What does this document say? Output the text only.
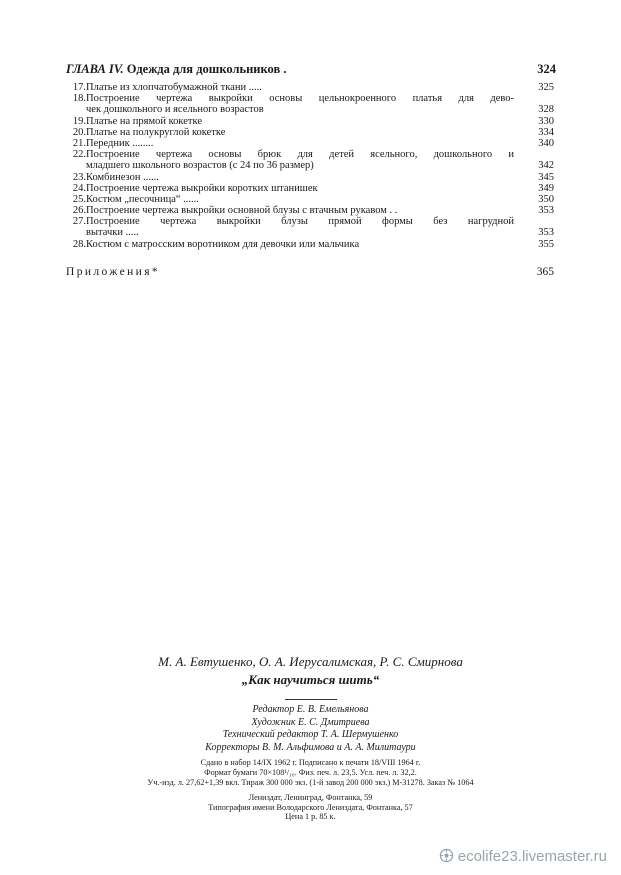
ГЛАВА IV. Одежда для дошкольников .	324
17. Платье из хлопчатобумажной ткани .....	325
18. Построение чертежа выкройки основы цельнокроенного платья для дево-
чек дошкольного и ясельного возрастов	328
19. Платье на прямой кокетке	330
20. Платье на полукруглой кокетке	334
21. Передник ........	340
22. Построение чертежа основы брюк для детей ясельного, дошкольного и
младшего школьного возрастов (с 24 по 36 размер)	342
23. Комбинезон ......	345
24. Построение чертежа выкройки коротких штанишек	349
25. Костюм „песочница“ ......	350
26. Построение чертежа выкройки основной блузы с втачным рукавом . .	353
27. Построение чертежа выкройки блузы прямой формы без нагрудной
вытачки .....	353
28. Костюм с матросским воротником для девочки или мальчика	355
Приложения*	365
М. А. Евтушенко, О. А. Иерусалимская, Р. С. Смирнова
„Как научиться шить“
Редактор Е. В. Емельянова
Художник Е. С. Дмитриева
Технический редактор Т. А. Шермушенко
Корректоры В. М. Альфимова и А. А. Милитаури
Сдано в набор 14/IX 1962 г. Подписано к печати 18/VIII 1964 г.
Формат бумаги 70×108¹/₁₆. Физ. печ. л. 23,5. Усл. печ. л. 32,2.
Уч.-изд. л. 27,62+1,39 вкл. Тираж 300 000 экз. (1-й завод 200 000 экз.) М-31278. Заказ № 1064
Лениздат, Ленинград, Фонтанка, 59
Типография имени Володарского Лениздата, Фонтанка, 57
Цена 1 р. 85 к.
ecolife23.livemaster.ru
